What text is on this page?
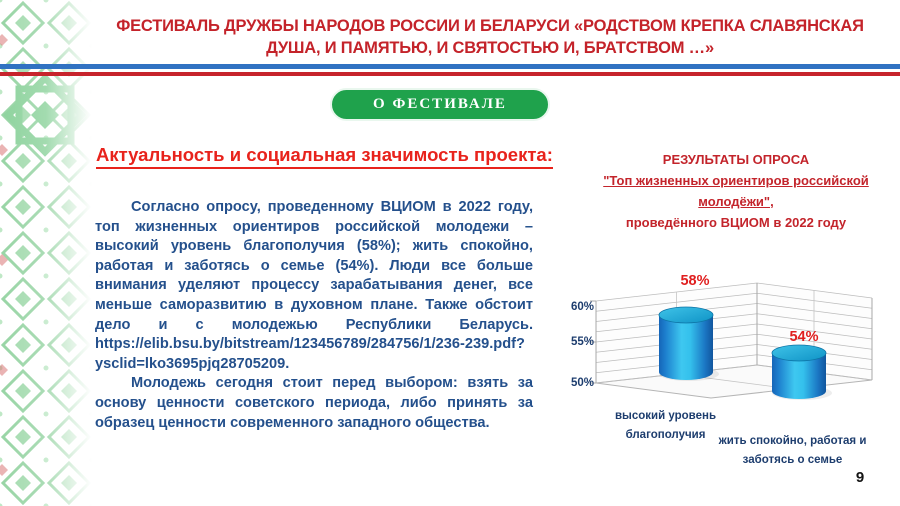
ФЕСТИВАЛЬ ДРУЖБЫ НАРОДОВ РОССИИ И БЕЛАРУСИ «РОДСТВОМ КРЕПКА СЛАВЯНСКАЯ ДУША, И ПАМЯТЬЮ, И СВЯТОСТЬЮ И, БРАТСТВОМ …»
О ФЕСТИВАЛЕ
Актуальность и социальная значимость проекта:

Согласно опросу, проведенному ВЦИОМ в 2022 году, топ жизненных ориентиров российской молодежи – высокий уровень благополучия (58%); жить спокойно, работая и заботясь о семье (54%). Люди все больше внимания уделяют процессу зарабатывания денег, все меньше саморазвитию в духовном плане. Также обстоит дело и с молодежью Республики Беларусь. https://elib.bsu.by/bitstream/123456789/284756/1/236-239.pdf?ysclid=lko3695pjq28705209.

Молодежь сегодня стоит перед выбором: взять за основу ценности советского периода, либо принять за образец ценности современного западного общества.

РЕЗУЛЬТАТЫ ОПРОСА
"Топ жизненных ориентиров российской молодёжи",
проведённого ВЦИОМ в 2022 году
60%
55%
50%
58%
54%
высокий уровень благополучия	жить спокойно, работая и заботясь о семье
9
